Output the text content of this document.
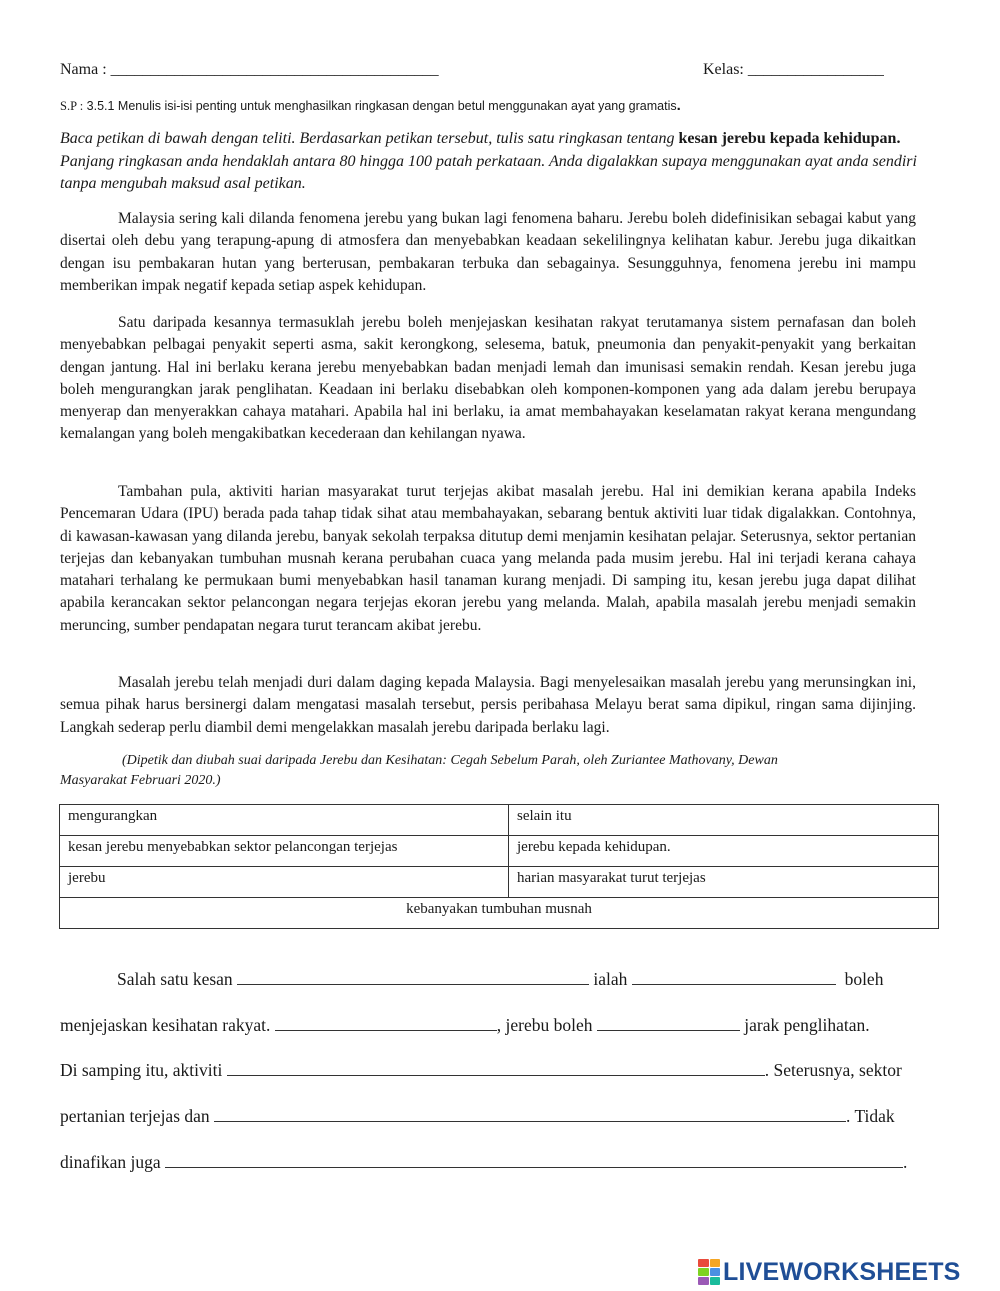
Nama : _________________________________________	Kelas: _________________
S.P : 3.5.1 Menulis isi-isi penting untuk menghasilkan ringkasan dengan betul menggunakan ayat yang gramatis.
Baca petikan di bawah dengan teliti. Berdasarkan petikan tersebut, tulis satu ringkasan tentang kesan jerebu kepada kehidupan. Panjang ringkasan anda hendaklah antara 80 hingga 100 patah perkataan. Anda digalakkan supaya menggunakan ayat anda sendiri tanpa mengubah maksud asal petikan.
Malaysia sering kali dilanda fenomena jerebu yang bukan lagi fenomena baharu. Jerebu boleh didefinisikan sebagai kabut yang disertai oleh debu yang terapung-apung di atmosfera dan menyebabkan keadaan sekelilingnya kelihatan kabur. Jerebu juga dikaitkan dengan isu pembakaran hutan yang berterusan, pembakaran terbuka dan sebagainya. Sesungguhnya, fenomena jerebu ini mampu memberikan impak negatif kepada setiap aspek kehidupan.
Satu daripada kesannya termasuklah jerebu boleh menjejaskan kesihatan rakyat terutamanya sistem pernafasan dan boleh menyebabkan pelbagai penyakit seperti asma, sakit kerongkong, selesema, batuk, pneumonia dan penyakit-penyakit yang berkaitan dengan jantung. Hal ini berlaku kerana jerebu menyebabkan badan menjadi lemah dan imunisasi semakin rendah. Kesan jerebu juga boleh mengurangkan jarak penglihatan. Keadaan ini berlaku disebabkan oleh komponen-komponen yang ada dalam jerebu berupaya menyerap dan menyerakkan cahaya matahari. Apabila hal ini berlaku, ia amat membahayakan keselamatan rakyat kerana mengundang kemalangan yang boleh mengakibatkan kecederaan dan kehilangan nyawa.
Tambahan pula, aktiviti harian masyarakat turut terjejas akibat masalah jerebu. Hal ini demikian kerana apabila Indeks Pencemaran Udara (IPU) berada pada tahap tidak sihat atau membahayakan, sebarang bentuk aktiviti luar tidak digalakkan. Contohnya, di kawasan-kawasan yang dilanda jerebu, banyak sekolah terpaksa ditutup demi menjamin kesihatan pelajar. Seterusnya, sektor pertanian terjejas dan kebanyakan tumbuhan musnah kerana perubahan cuaca yang melanda pada musim jerebu. Hal ini terjadi kerana cahaya matahari terhalang ke permukaan bumi menyebabkan hasil tanaman kurang menjadi. Di samping itu, kesan jerebu juga dapat dilihat apabila kerancakan sektor pelancongan negara terjejas ekoran jerebu yang melanda. Malah, apabila masalah jerebu menjadi semakin meruncing, sumber pendapatan negara turut terancam akibat jerebu.
Masalah jerebu telah menjadi duri dalam daging kepada Malaysia. Bagi menyelesaikan masalah jerebu yang merunsingkan ini, semua pihak harus bersinergi dalam mengatasi masalah tersebut, persis peribahasa Melayu berat sama dipikul, ringan sama dijinjing. Langkah sederap perlu diambil demi mengelakkan masalah jerebu daripada berlaku lagi.
(Dipetik dan diubah suai daripada Jerebu dan Kesihatan: Cegah Sebelum Parah, oleh Zuriantee Mathovany, Dewan
Masyarakat Februari 2020.)
mengurangkan	selain itu
kesan jerebu menyebabkan sektor pelancongan terjejas	jerebu kepada kehidupan.
jerebu	harian masyarakat turut terjejas
kebanyakan tumbuhan musnah	
Salah satu kesan	ialah	boleh
menjejaskan kesihatan rakyat.	, jerebu boleh	jarak penglihatan.
Di samping itu, aktiviti	. Seterusnya, sektor
pertanian terjejas dan	. Tidak
dinafikan juga	.
LIVEWORKSHEETS
